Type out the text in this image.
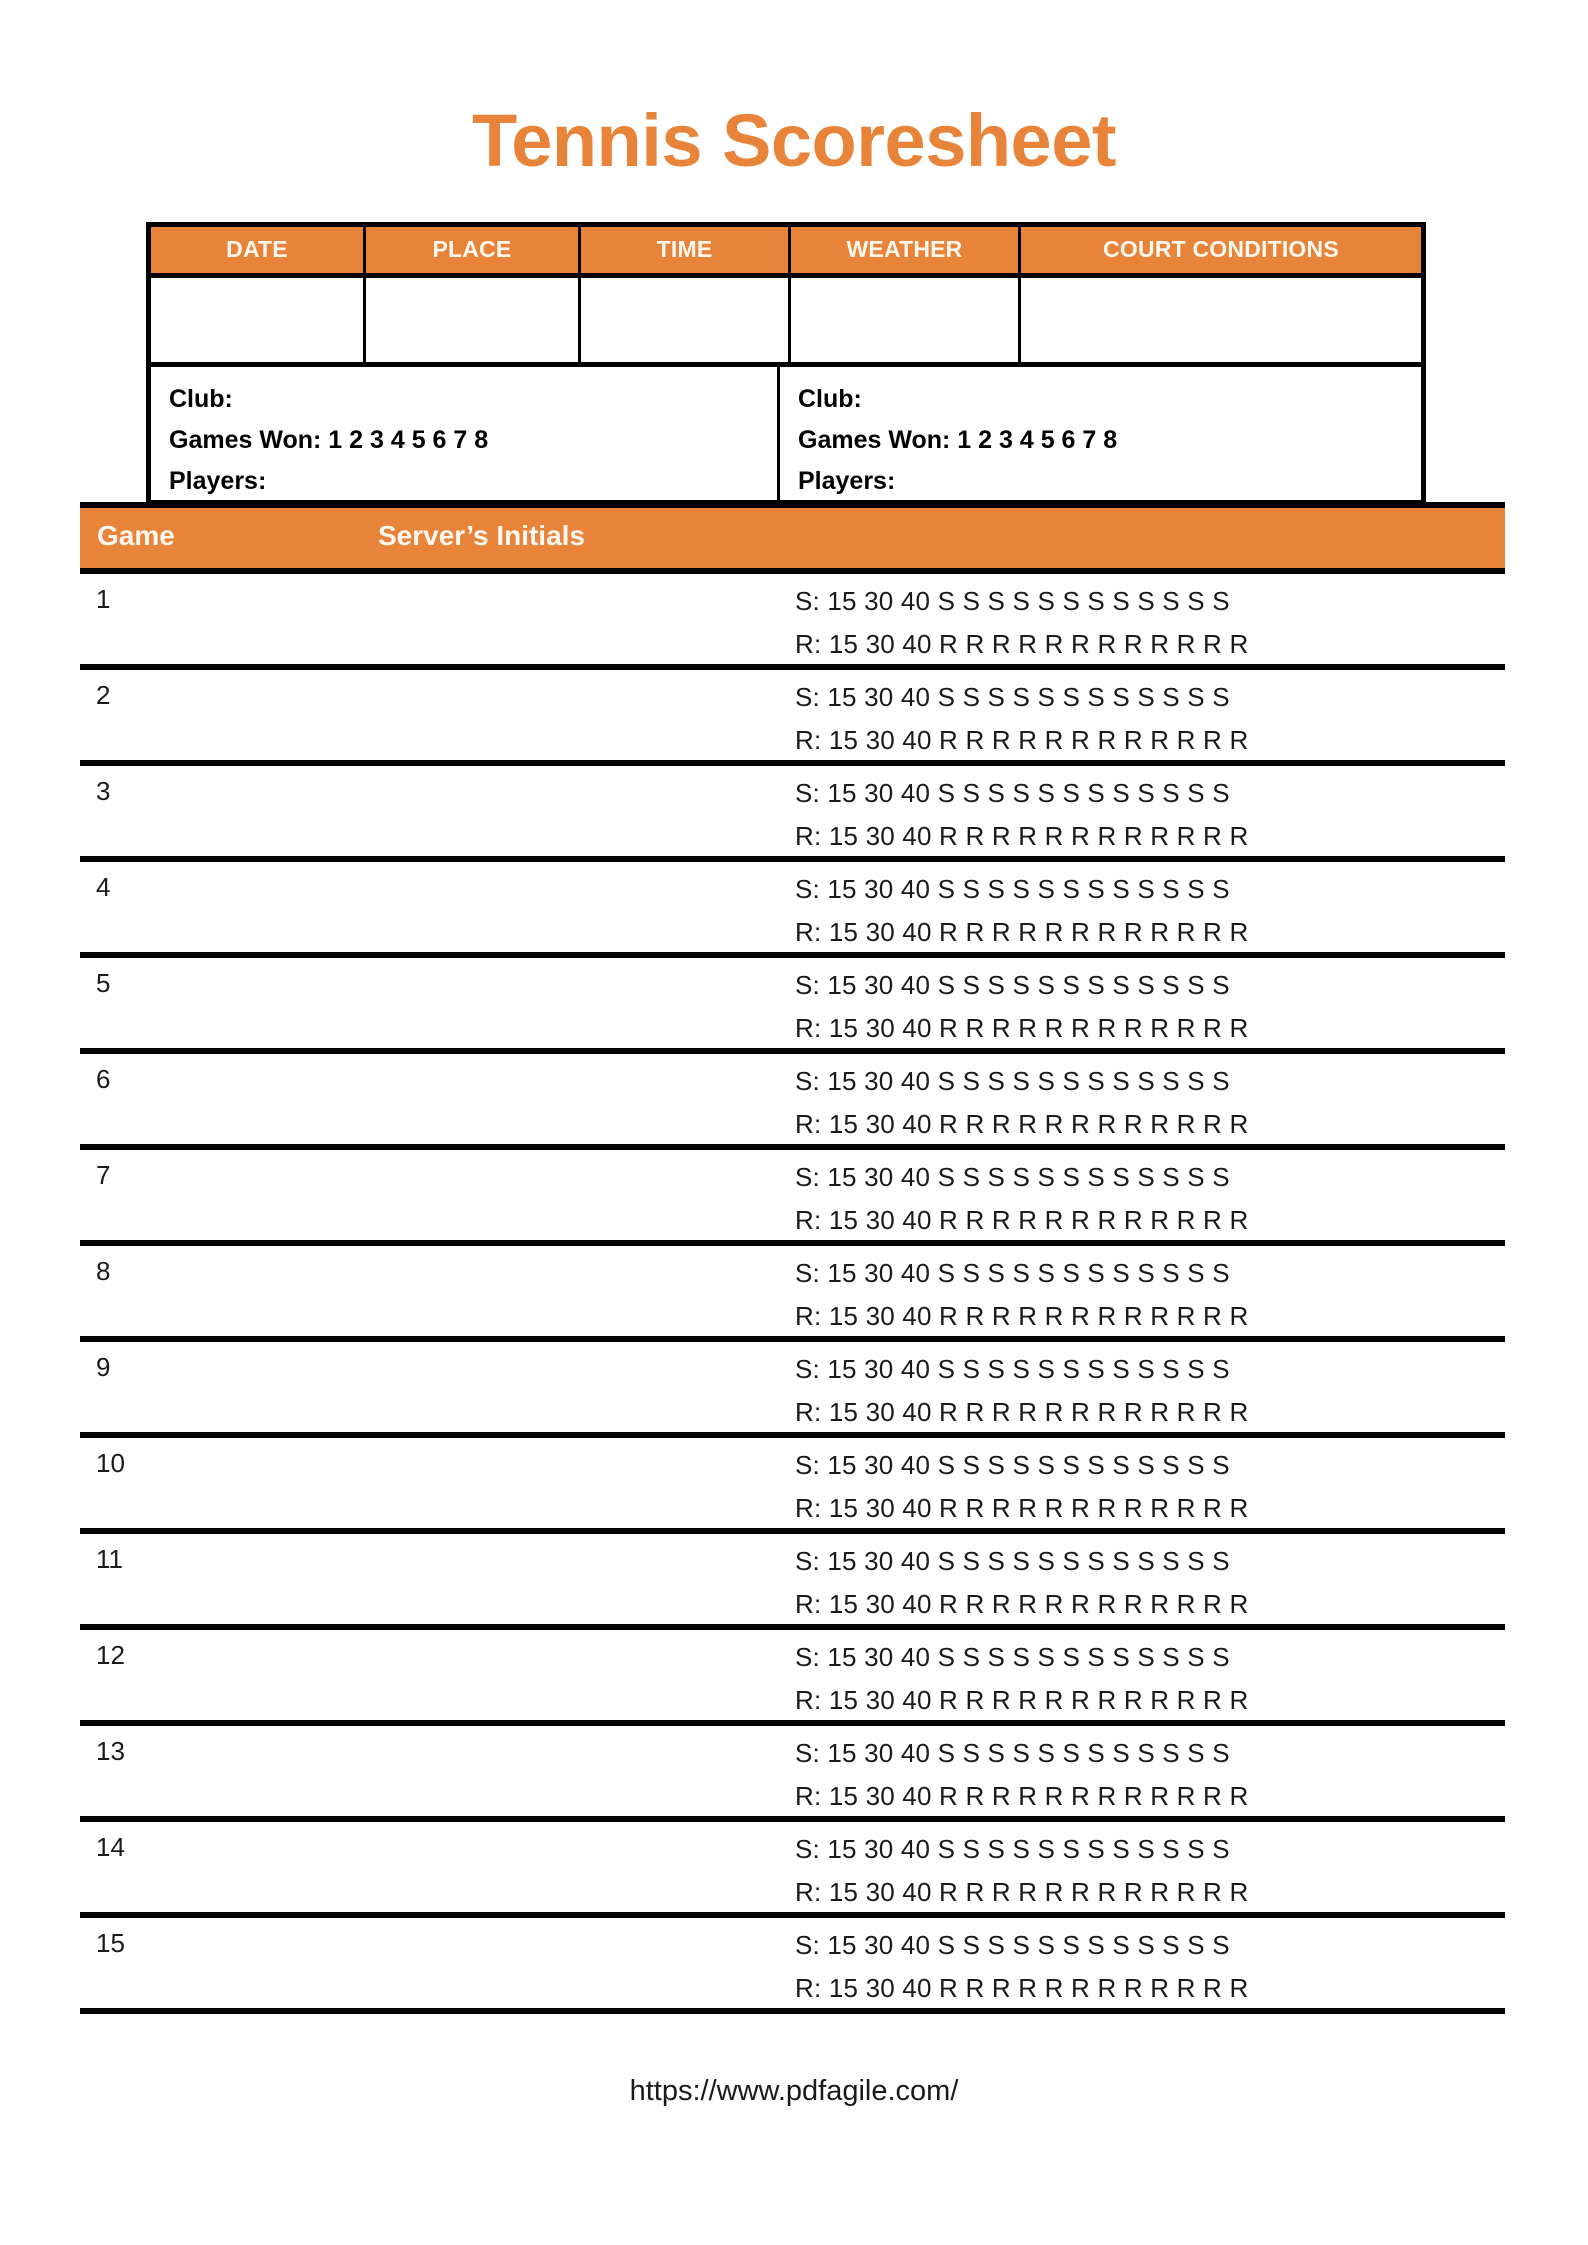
Tennis Scoresheet
DATE	PLACE	TIME	WEATHER	COURT CONDITIONS
Club:
Games Won: 1 2 3 4 5 6 7 8
Players:
Club:
Games Won: 1 2 3 4 5 6 7 8
Players:
Game	Server’s Initials
1	S: 15 30 40 S S S S S S S S S S S S
R: 15 30 40 R R R R R R R R R R R R
2	S: 15 30 40 S S S S S S S S S S S S
R: 15 30 40 R R R R R R R R R R R R
3	S: 15 30 40 S S S S S S S S S S S S
R: 15 30 40 R R R R R R R R R R R R
4	S: 15 30 40 S S S S S S S S S S S S
R: 15 30 40 R R R R R R R R R R R R
5	S: 15 30 40 S S S S S S S S S S S S
R: 15 30 40 R R R R R R R R R R R R
6	S: 15 30 40 S S S S S S S S S S S S
R: 15 30 40 R R R R R R R R R R R R
7	S: 15 30 40 S S S S S S S S S S S S
R: 15 30 40 R R R R R R R R R R R R
8	S: 15 30 40 S S S S S S S S S S S S
R: 15 30 40 R R R R R R R R R R R R
9	S: 15 30 40 S S S S S S S S S S S S
R: 15 30 40 R R R R R R R R R R R R
10	S: 15 30 40 S S S S S S S S S S S S
R: 15 30 40 R R R R R R R R R R R R
11	S: 15 30 40 S S S S S S S S S S S S
R: 15 30 40 R R R R R R R R R R R R
12	S: 15 30 40 S S S S S S S S S S S S
R: 15 30 40 R R R R R R R R R R R R
13	S: 15 30 40 S S S S S S S S S S S S
R: 15 30 40 R R R R R R R R R R R R
14	S: 15 30 40 S S S S S S S S S S S S
R: 15 30 40 R R R R R R R R R R R R
15	S: 15 30 40 S S S S S S S S S S S S
R: 15 30 40 R R R R R R R R R R R R
https://www.pdfagile.com/
